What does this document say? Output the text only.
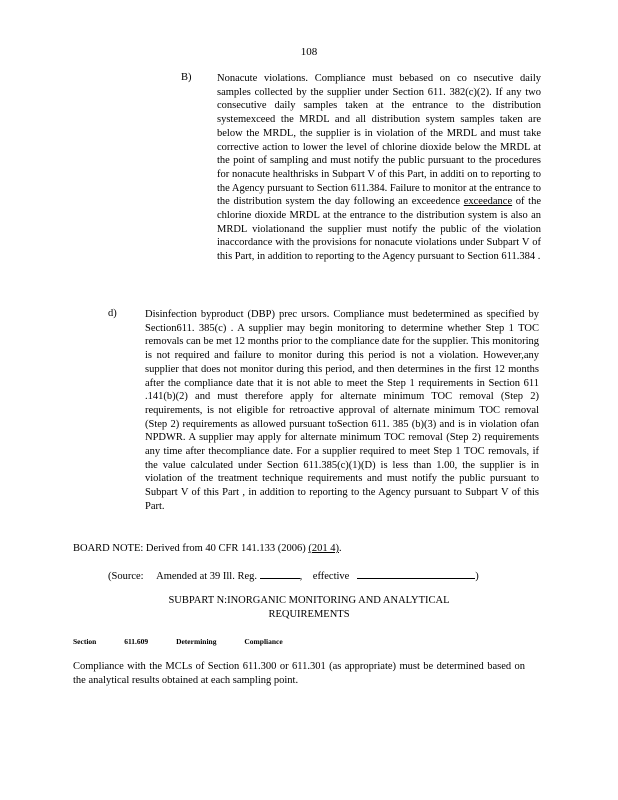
108
B) Nonacute violations. Compliance must bebased on co nsecutive daily samples collected by the supplier under Section 611. 382(c)(2). If any two consecutive daily samples taken at the entrance to the distribution systemexceed the MRDL and all distribution system samples taken are below the MRDL, the supplier is in violation of the MRDL and must take corrective action to lower the level of chlorine dioxide below the MRDL at the point of sampling and must notify the public pursuant to the procedures for nonacute healthrisks in Subpart V of this Part, in additi on to reporting to the Agency pursuant to Section 611.384. Failure to monitor at the entrance to the distribution system the day following an exceedence exceedance of the chlorine dioxide MRDL at the entrance to the distribution system is also an MRDL violationand the supplier must notify the public of the violation inaccordance with the provisions for nonacute violations under Subpart V of this Part, in addition to reporting to the Agency pursuant to Section 611.384 .
d)	Disinfection byproduct (DBP) prec ursors. Compliance must bedetermined as specified by Section611. 385(c) . A supplier may begin monitoring to determine whether Step 1 TOC removals can be met 12 months prior to the compliance date for the supplier. This monitoring is not required and failure to monitor during this period is not a violation. However,any supplier that does not monitor during this period, and then determines in the first 12 months after the compliance date that it is not able to meet the Step 1 requirements in Section 611 .141(b)(2) and must therefore apply for alternate minimum TOC removal (Step 2) requirements, is not eligible for retroactive approval of alternate minimum TOC removal (Step 2) requirements as allowed pursuant toSection 611. 385 (b)(3) and is in violation ofan NPDWR. A supplier may apply for alternate minimum TOC removal (Step 2) requirements any time after thecompliance date. For a supplier required to meet Step 1 TOC removals, if the value calculated under Section 611.385(c)(1)(D) is less than 1.00, the supplier is in violation of the treatment technique requirements and must notify the public pursuant to Subpart V of this Part , in addition to reporting to the Agency pursuant to Subpart V of this Part.
BOARD NOTE: Derived from 40 CFR 141.133 (2006) (201 4).
(Source: Amended at 39 Ill. Reg.	, effective	)
SUBPART N:INORGANIC MONITORING AND ANALYTICAL
REQUIREMENTS
Section	611.609	Determining	Compliance
Compliance with the MCLs of Section 611.300 or 611.301 (as appropriate) must be determined based on the analytical results obtained at each sampling point.
